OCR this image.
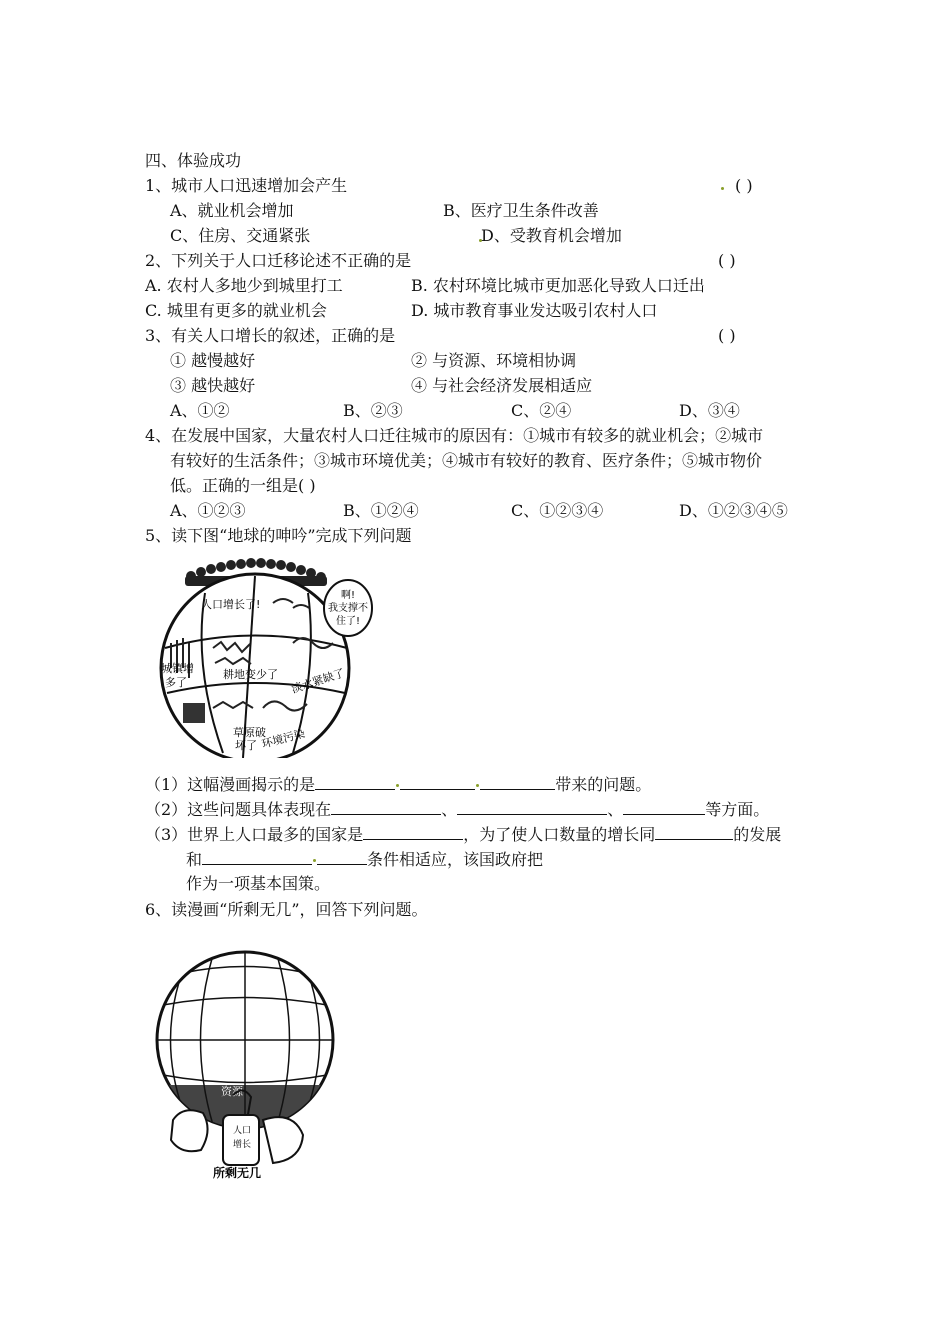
四、体验成功
1、城市人口迅速增加会产生	( )
A、就业机会增加	B、医疗卫生条件改善
C、住房、交通紧张	D、受教育机会增加
2、下列关于人口迁移论述不正确的是	( )
A. 农村人多地少到城里打工	B. 农村环境比城市更加恶化导致人口迁出
C. 城里有更多的就业机会	D. 城市教育事业发达吸引农村人口
3、有关人口增长的叙述，正确的是	( )
① 越慢越好	② 与资源、环境相协调
③ 越快越好	④ 与社会经济发展相适应
A、①②	B、②③	C、②④	D、③④
4、在发展中国家，大量农村人口迁往城市的原因有：①城市有较多的就业机会；②城市
有较好的生活条件；③城市环境优美；④城市有较好的教育、医疗条件；⑤城市物价
低。正确的一组是( )
A、①②③	B、①②④	C、①②③④	D、①②③④⑤
5、读下图“地球的呻吟”完成下列问题
啊!
我支撑不
住了!
人口增长了!
城镇增
多了
耕地变少了 淡水紧缺了
草原破
坏了 环境污染
（1）这幅漫画揭示的是	带来的问题。
（2）这些问题具体表现在	、	、	等方面。
（3）世界上人口最多的国家是	，为了使人口数量的增长同	的发展
和	条件相适应，该国政府把
作为一项基本国策。
6、读漫画“所剩无几”，回答下列问题。
资源
人口
增长
所剩无几
